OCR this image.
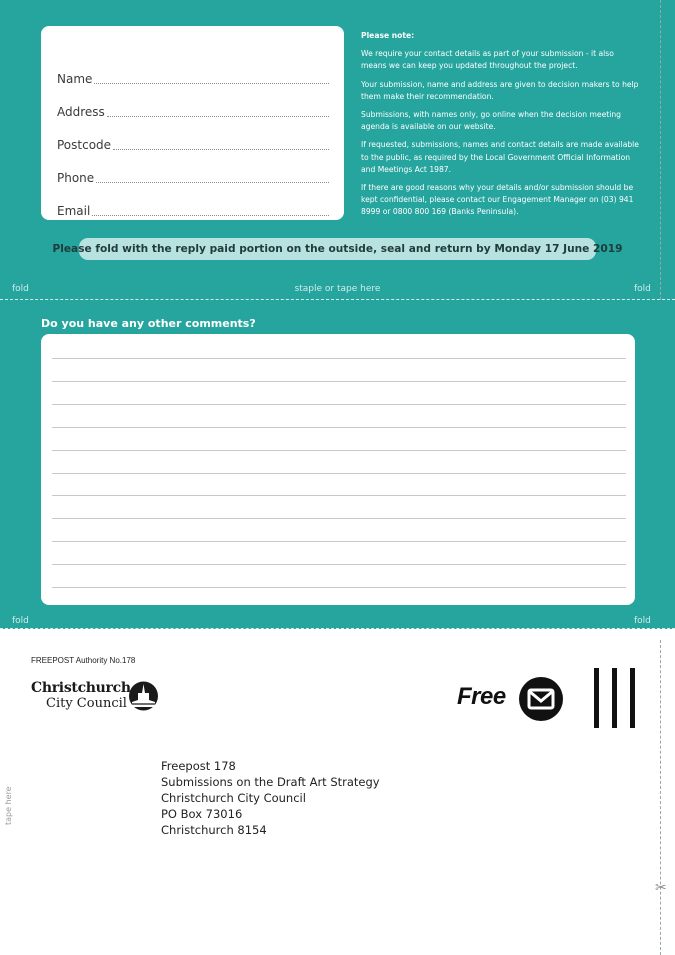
Name
Address
Postcode
Phone
Email

Please note:

We require your contact details as part of your submission - it also means we can keep you updated throughout the project.

Your submission, name and address are given to decision makers to help them make their recommendation.

Submissions, with names only, go online when the decision meeting agenda is available on our website.

If requested, submissions, names and contact details are made available to the public, as required by the Local Government Official Information and Meetings Act 1987.

If there are good reasons why your details and/or submission should be kept confidential, please contact our Engagement Manager on (03) 941 8999 or 0800 800 169 (Banks Peninsula).

Please fold with the reply paid portion on the outside, seal and return by Monday 17 June 2019
fold	staple or tape here	fold
Do you have any other comments?
fold	fold
FREEPOST Authority No.178
Christchurch
City Council	Free
Freepost 178
Submissions on the Draft Art Strategy
Christchurch City Council
PO Box 73016
Christchurch 8154
tape here
✂
